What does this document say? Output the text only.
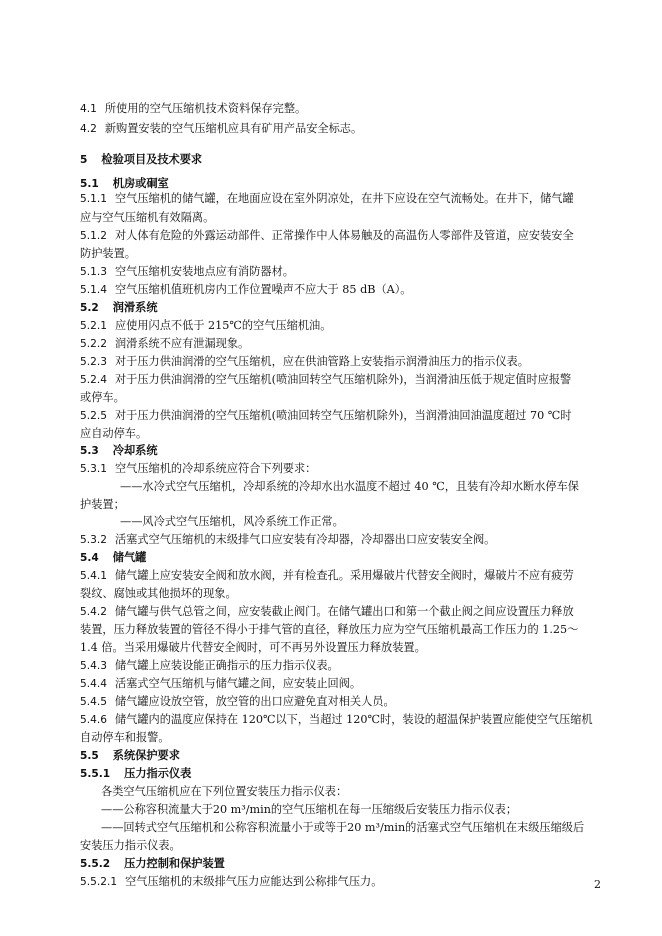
4.1 所使用的空气压缩机技术资料保存完整。
4.2 新购置安装的空气压缩机应具有矿用产品安全标志。
5 检验项目及技术要求
5.1 机房或硐室
5.1.1 空气压缩机的储气罐，在地面应设在室外阴凉处，在井下应设在空气流畅处。在井下，储气罐
应与空气压缩机有效隔离。
5.1.2 对人体有危险的外露运动部件、正常操作中人体易触及的高温伤人零部件及管道，应安装安全
防护装置。
5.1.3 空气压缩机安装地点应有消防器材。
5.1.4 空气压缩机值班机房内工作位置噪声不应大于 85 dB（A）。
5.2 润滑系统
5.2.1 应使用闪点不低于 215℃的空气压缩机油。
5.2.2 润滑系统不应有泄漏现象。
5.2.3 对于压力供油润滑的空气压缩机，应在供油管路上安装指示润滑油压力的指示仪表。
5.2.4 对于压力供油润滑的空气压缩机(喷油回转空气压缩机除外)，当润滑油压低于规定值时应报警
或停车。
5.2.5 对于压力供油润滑的空气压缩机(喷油回转空气压缩机除外)，当润滑油回油温度超过 70 ℃时
应自动停车。
5.3 冷却系统
5.3.1 空气压缩机的冷却系统应符合下列要求：
——水冷式空气压缩机，冷却系统的冷却水出水温度不超过 40 ℃，且装有冷却水断水停车保
护装置；
——风冷式空气压缩机，风冷系统工作正常。
5.3.2 活塞式空气压缩机的末级排气口应安装有冷却器，冷却器出口应安装安全阀。
5.4 储气罐
5.4.1 储气罐上应安装安全阀和放水阀，并有检查孔。采用爆破片代替安全阀时，爆破片不应有疲劳
裂纹、腐蚀或其他损坏的现象。
5.4.2 储气罐与供气总管之间，应安装截止阀门。在储气罐出口和第一个截止阀之间应设置压力释放
装置，压力释放装置的管径不得小于排气管的直径，释放压力应为空气压缩机最高工作压力的 1.25～
1.4 倍。当采用爆破片代替安全阀时，可不再另外设置压力释放装置。
5.4.3 储气罐上应装设能正确指示的压力指示仪表。
5.4.4 活塞式空气压缩机与储气罐之间，应安装止回阀。
5.4.5 储气罐应设放空管，放空管的出口应避免直对相关人员。
5.4.6 储气罐内的温度应保持在 120℃以下，当超过 120℃时，装设的超温保护装置应能使空气压缩机
自动停车和报警。
5.5 系统保护要求
5.5.1 压力指示仪表
各类空气压缩机应在下列位置安装压力指示仪表：
——公称容积流量大于20 m³/min的空气压缩机在每一压缩级后安装压力指示仪表；
——回转式空气压缩机和公称容积流量小于或等于20 m³/min的活塞式空气压缩机在末级压缩级后
安装压力指示仪表。
5.5.2 压力控制和保护装置
5.5.2.1 空气压缩机的末级排气压力应能达到公称排气压力。	2
